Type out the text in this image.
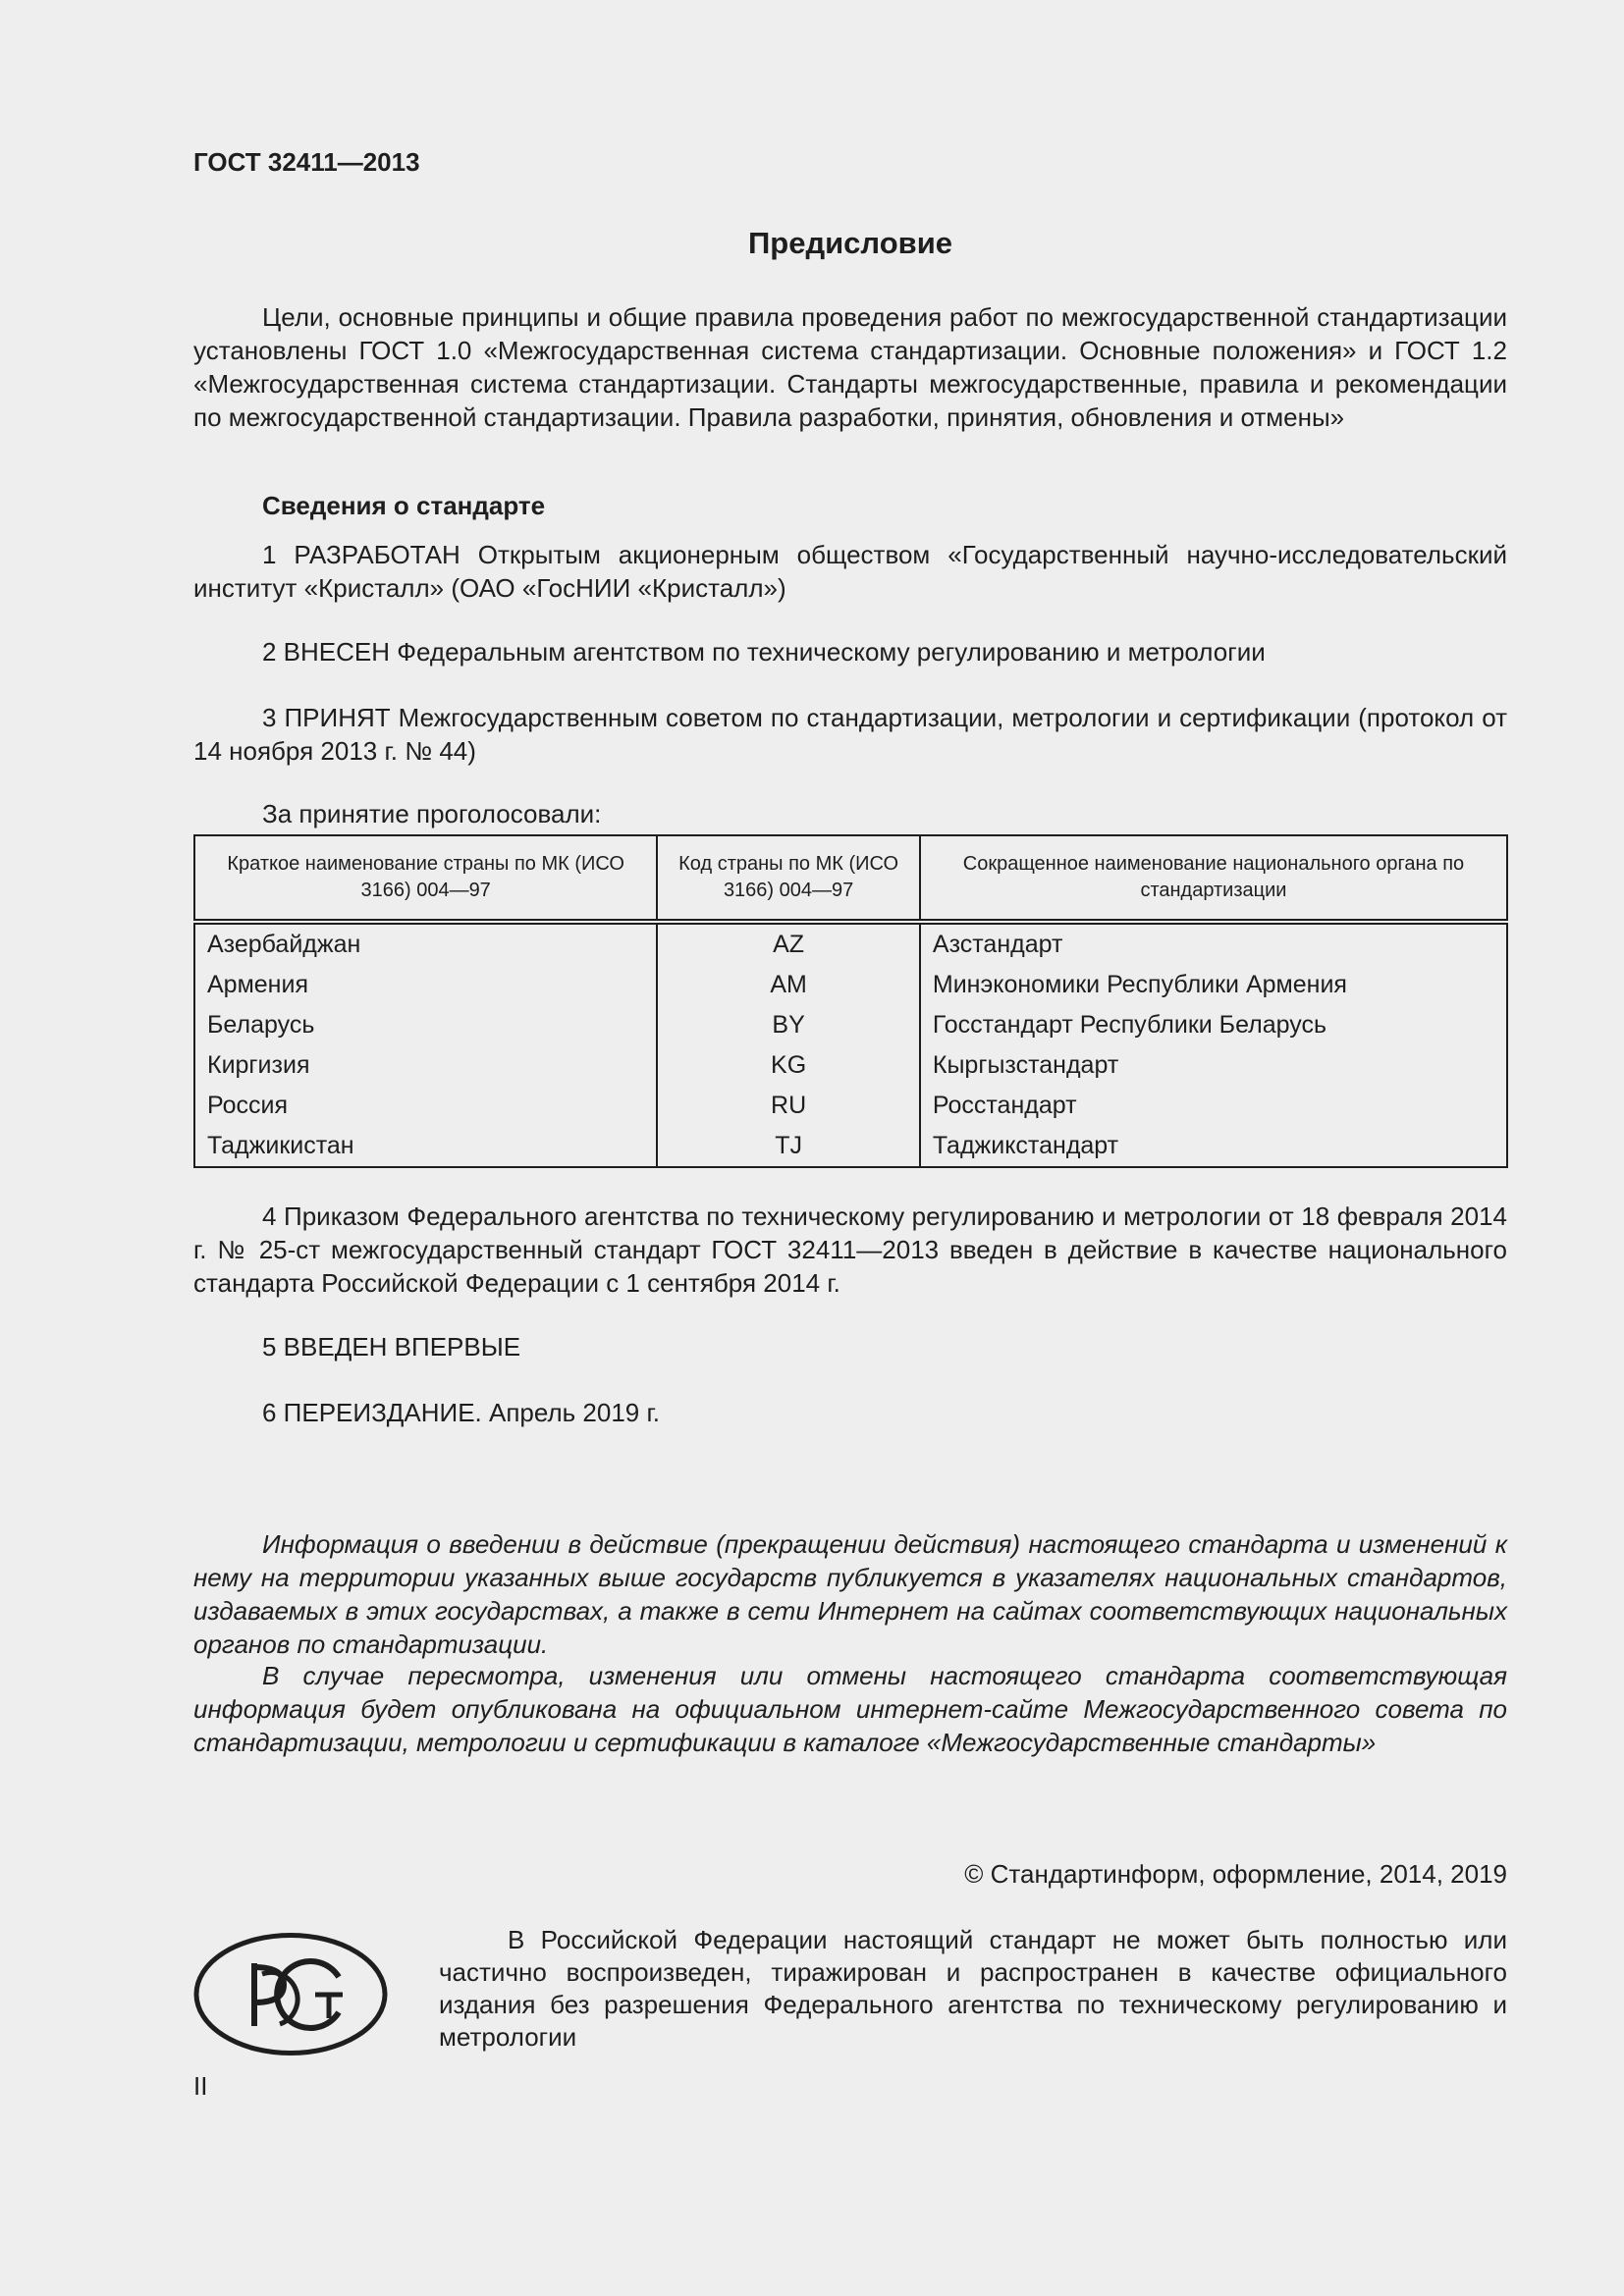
ГОСТ 32411—2013
Предисловие
Цели, основные принципы и общие правила проведения работ по межгосударственной стандартизации установлены ГОСТ 1.0 «Межгосударственная система стандартизации. Основные положения» и ГОСТ 1.2 «Межгосударственная система стандартизации. Стандарты межгосударственные, правила и рекомендации по межгосударственной стандартизации. Правила разработки, принятия, обновления и отмены»
Сведения о стандарте
1 РАЗРАБОТАН Открытым акционерным обществом «Государственный научно-исследовательский институт «Кристалл» (ОАО «ГосНИИ «Кристалл»)
2 ВНЕСЕН Федеральным агентством по техническому регулированию и метрологии
3 ПРИНЯТ Межгосударственным советом по стандартизации, метрологии и сертификации (протокол от 14 ноября 2013 г. № 44)
За принятие проголосовали:
Краткое наименование страны по МК (ИСО 3166) 004—97	Код страны по МК (ИСО 3166) 004—97	Сокращенное наименование национального органа по стандартизации
Азербайджан	AZ	Азстандарт
Армения	AM	Минэкономики Республики Армения
Беларусь	BY	Госстандарт Республики Беларусь
Киргизия	KG	Кыргызстандарт
Россия	RU	Росстандарт
Таджикистан	TJ	Таджикстандарт
4 Приказом Федерального агентства по техническому регулированию и метрологии от 18 февраля 2014 г. № 25-ст межгосударственный стандарт ГОСТ 32411—2013 введен в действие в качестве национального стандарта Российской Федерации с 1 сентября 2014 г.
5 ВВЕДЕН ВПЕРВЫЕ
6 ПЕРЕИЗДАНИЕ. Апрель 2019 г.
Информация о введении в действие (прекращении действия) настоящего стандарта и изменений к нему на территории указанных выше государств публикуется в указателях национальных стандартов, издаваемых в этих государствах, а также в сети Интернет на сайтах соответствующих национальных органов по стандартизации.
В случае пересмотра, изменения или отмены настоящего стандарта соответствующая информация будет опубликована на официальном интернет-сайте Межгосударственного совета по стандартизации, метрологии и сертификации в каталоге «Межгосударственные стандарты»
© Стандартинформ, оформление, 2014, 2019
В Российской Федерации настоящий стандарт не может быть полностью или частично воспроизведен, тиражирован и распространен в качестве официального издания без разрешения Федерального агентства по техническому регулированию и метрологии
II
